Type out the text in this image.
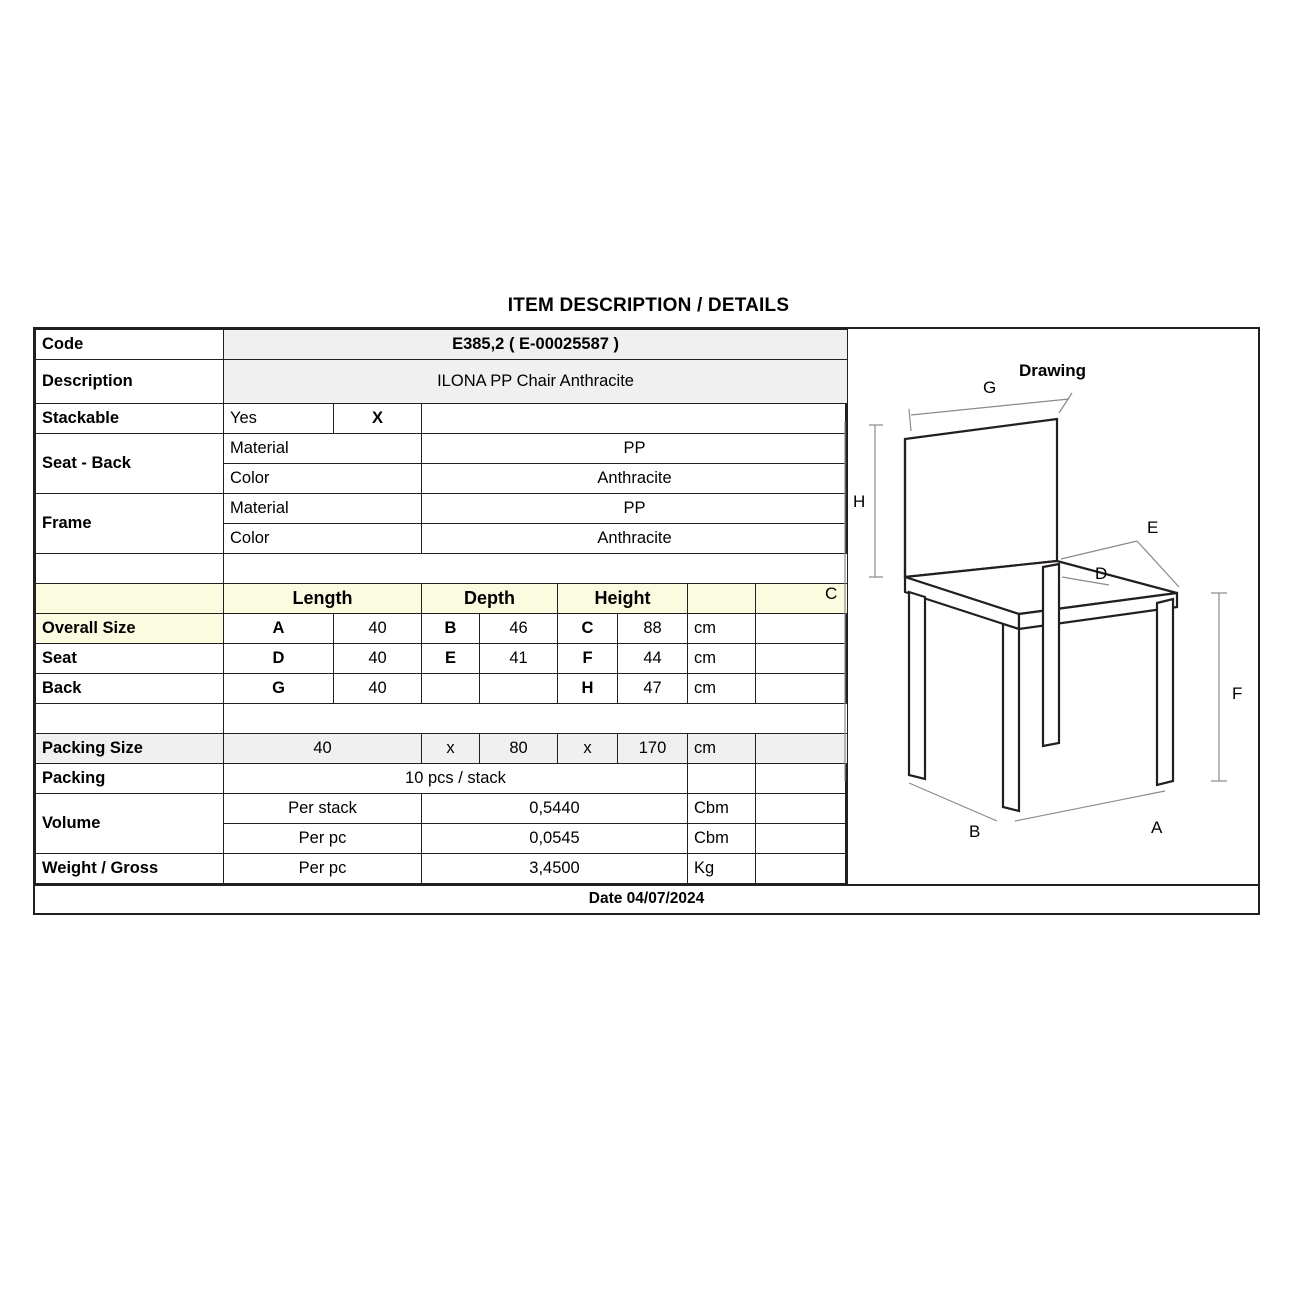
ITEM DESCRIPTION / DETAILS
Code	E385,2 ( E-00025587 )							
Description	ILONA PP Chair Anthracite							
Stackable	Yes	X						
Seat - Back	Material		PP					
	Color		Anthracite					
Frame	Material		PP					
	Color		Anthracite					

	Length		Depth		Height			
Overall Size	A	40	B	46	C	88	cm	
Seat	D	40	E	41	F	44	cm	
Back	G	40			H	47	cm	

Packing Size	40		x	80	x	170	cm	
Packing	10 pcs / stack							
Volume	Per stack		0,5440				Cbm	
	Per pc		0,0545				Cbm	
Weight / Gross	Per pc		3,4500				Kg	
Drawing
G
H
C
E
D
F
B	A
Date 04/07/2024
